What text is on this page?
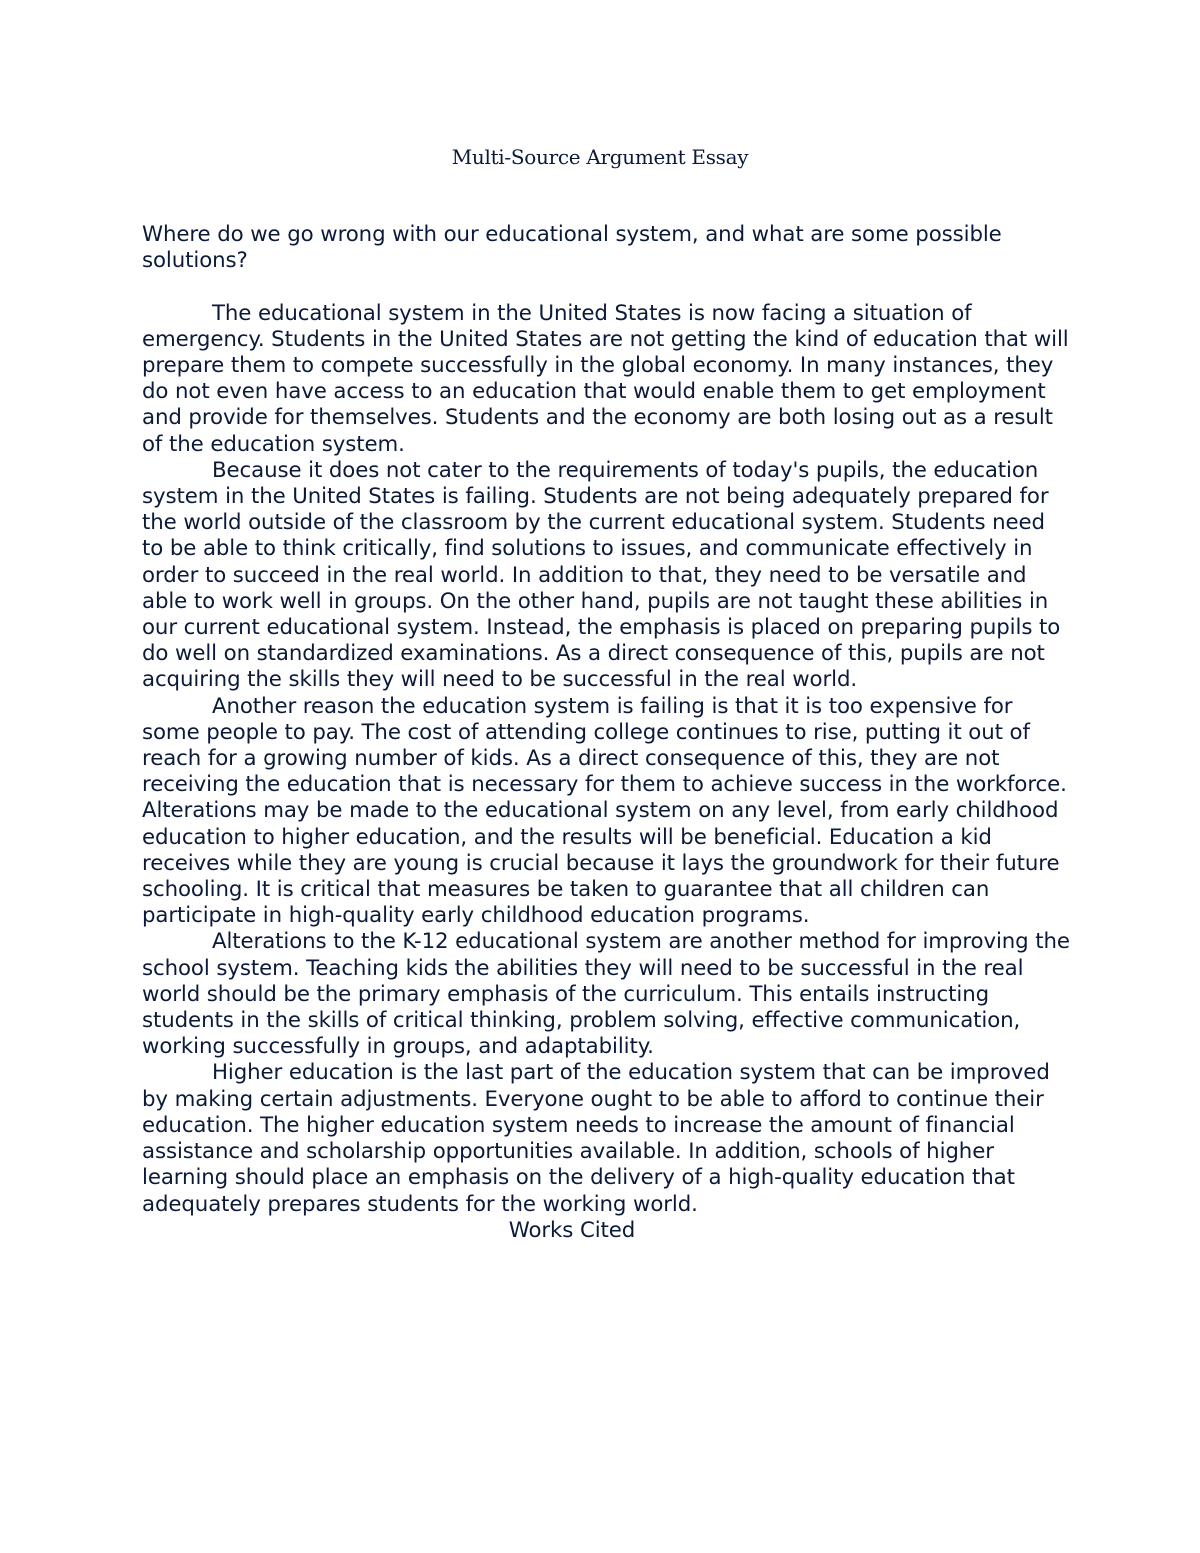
Multi-Source Argument Essay

Where do we go wrong with our educational system, and what are some possible solutions?

The educational system in the United States is now facing a situation of emergency. Students in the United States are not getting the kind of education that will prepare them to compete successfully in the global economy. In many instances, they do not even have access to an education that would enable them to get employment and provide for themselves. Students and the economy are both losing out as a result of the education system.

Because it does not cater to the requirements of today's pupils, the education system in the United States is failing. Students are not being adequately prepared for the world outside of the classroom by the current educational system. Students need to be able to think critically, find solutions to issues, and communicate effectively in order to succeed in the real world. In addition to that, they need to be versatile and able to work well in groups. On the other hand, pupils are not taught these abilities in our current educational system. Instead, the emphasis is placed on preparing pupils to do well on standardized examinations. As a direct consequence of this, pupils are not acquiring the skills they will need to be successful in the real world.

Another reason the education system is failing is that it is too expensive for some people to pay. The cost of attending college continues to rise, putting it out of reach for a growing number of kids. As a direct consequence of this, they are not receiving the education that is necessary for them to achieve success in the workforce.

Alterations may be made to the educational system on any level, from early childhood education to higher education, and the results will be beneficial. Education a kid receives while they are young is crucial because it lays the groundwork for their future schooling. It is critical that measures be taken to guarantee that all children can participate in high-quality early childhood education programs.

Alterations to the K-12 educational system are another method for improving the school system. Teaching kids the abilities they will need to be successful in the real world should be the primary emphasis of the curriculum. This entails instructing students in the skills of critical thinking, problem solving, effective communication, working successfully in groups, and adaptability.

Higher education is the last part of the education system that can be improved by making certain adjustments. Everyone ought to be able to afford to continue their education. The higher education system needs to increase the amount of financial assistance and scholarship opportunities available. In addition, schools of higher learning should place an emphasis on the delivery of a high-quality education that adequately prepares students for the working world.

Works Cited
